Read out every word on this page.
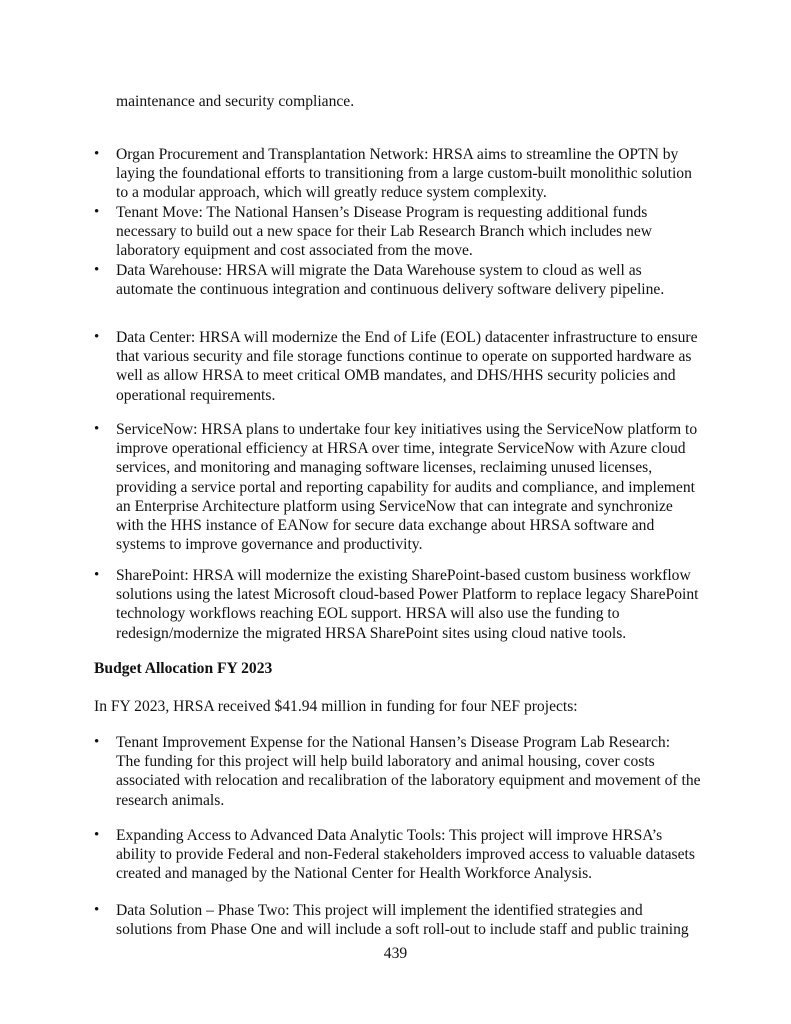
maintenance and security compliance.
•	Organ Procurement and Transplantation Network: HRSA aims to streamline the OPTN by
laying the foundational efforts to transitioning from a large custom-built monolithic solution
to a modular approach, which will greatly reduce system complexity.
•	Tenant Move: The National Hansen’s Disease Program is requesting additional funds
necessary to build out a new space for their Lab Research Branch which includes new
laboratory equipment and cost associated from the move.
•	Data Warehouse: HRSA will migrate the Data Warehouse system to cloud as well as
automate the continuous integration and continuous delivery software delivery pipeline.
•	Data Center: HRSA will modernize the End of Life (EOL) datacenter infrastructure to ensure
that various security and file storage functions continue to operate on supported hardware as
well as allow HRSA to meet critical OMB mandates, and DHS/HHS security policies and
operational requirements.
•	ServiceNow: HRSA plans to undertake four key initiatives using the ServiceNow platform to
improve operational efficiency at HRSA over time, integrate ServiceNow with Azure cloud
services, and monitoring and managing software licenses, reclaiming unused licenses,
providing a service portal and reporting capability for audits and compliance, and implement
an Enterprise Architecture platform using ServiceNow that can integrate and synchronize
with the HHS instance of EANow for secure data exchange about HRSA software and
systems to improve governance and productivity.
•	SharePoint: HRSA will modernize the existing SharePoint-based custom business workflow
solutions using the latest Microsoft cloud-based Power Platform to replace legacy SharePoint
technology workflows reaching EOL support. HRSA will also use the funding to
redesign/modernize the migrated HRSA SharePoint sites using cloud native tools.
Budget Allocation FY 2023
In FY 2023, HRSA received $41.94 million in funding for four NEF projects:
•	Tenant Improvement Expense for the National Hansen’s Disease Program Lab Research:
The funding for this project will help build laboratory and animal housing, cover costs
associated with relocation and recalibration of the laboratory equipment and movement of the
research animals.
•	Expanding Access to Advanced Data Analytic Tools: This project will improve HRSA’s
ability to provide Federal and non-Federal stakeholders improved access to valuable datasets
created and managed by the National Center for Health Workforce Analysis.
•	Data Solution – Phase Two: This project will implement the identified strategies and
solutions from Phase One and will include a soft roll-out to include staff and public training
439
